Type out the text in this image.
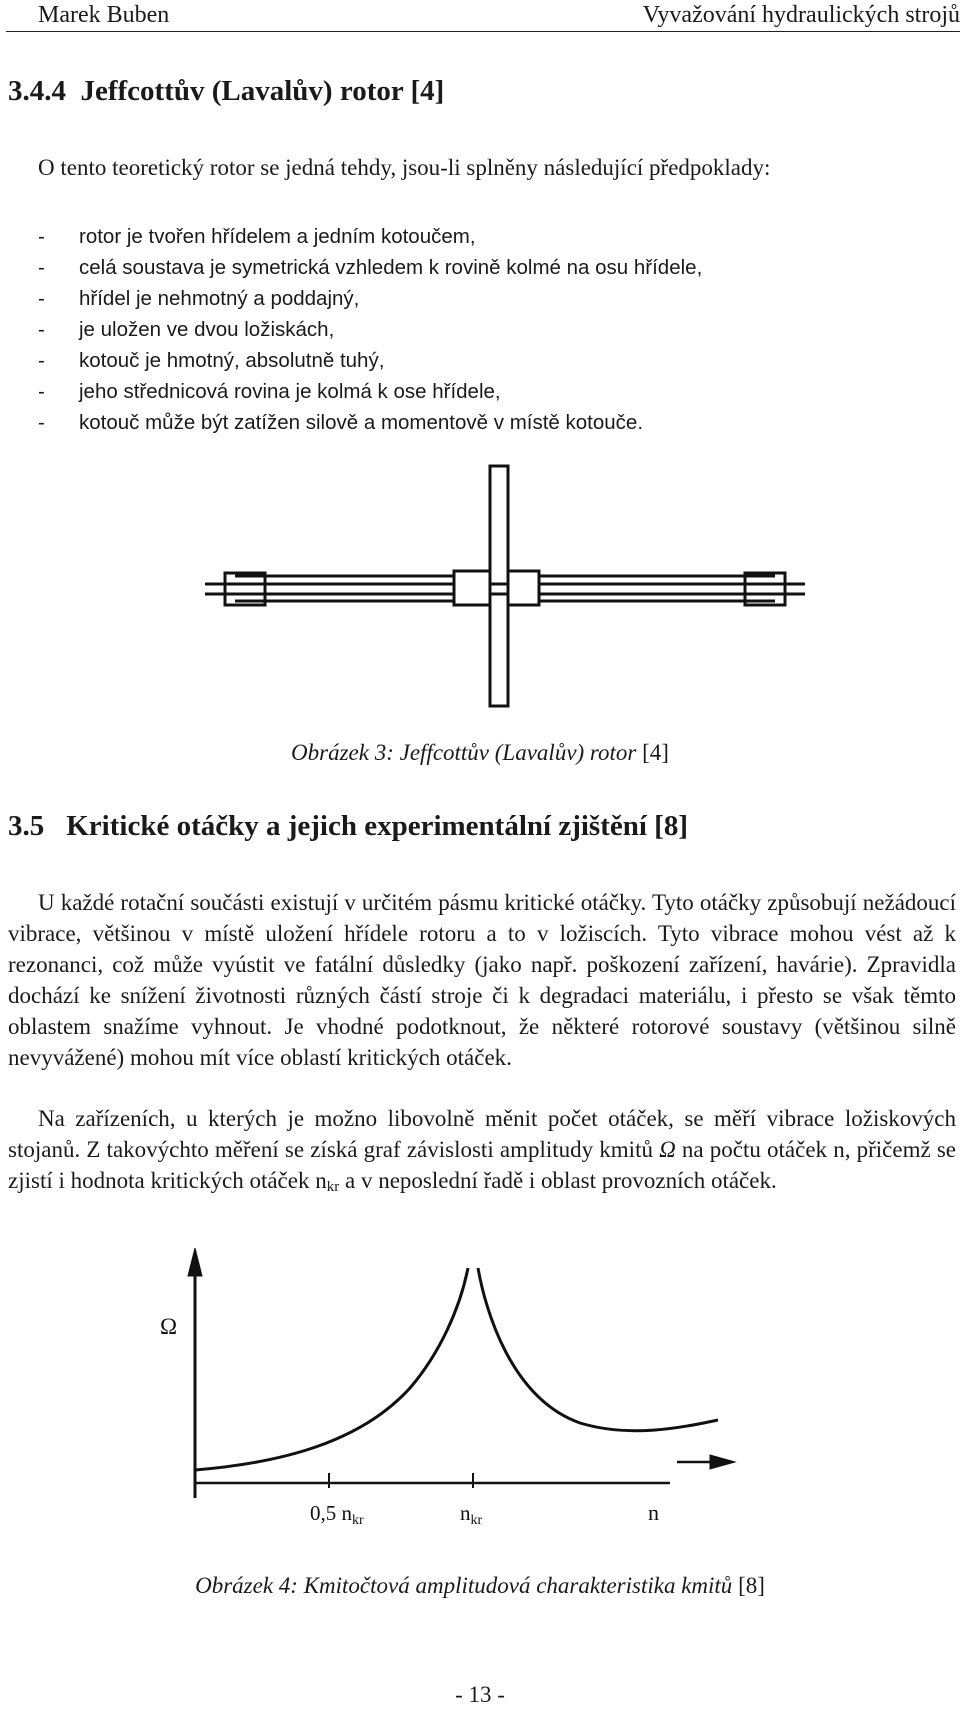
Marek Buben	Vyvažování hydraulických strojů
3.4.4 Jeffcottův (Lavalův) rotor [4]
O tento teoretický rotor se jedná tehdy, jsou-li splněny následující předpoklady:
- rotor je tvořen hřídelem a jedním kotoučem,
- celá soustava je symetrická vzhledem k rovině kolmé na osu hřídele,
- hřídel je nehmotný a poddajný,
- je uložen ve dvou ložiskách,
- kotouč je hmotný, absolutně tuhý,
- jeho střednicová rovina je kolmá k ose hřídele,
- kotouč může být zatížen silově a momentově v místě kotouče.
Obrázek 3: Jeffcottův (Lavalův) rotor [4]
3.5 Kritické otáčky a jejich experimentální zjištění [8]

U každé rotační součásti existují v určitém pásmu kritické otáčky. Tyto otáčky způsobují nežádoucí vibrace, většinou v místě uložení hřídele rotoru a to v ložiscích. Tyto vibrace mohou vést až k rezonanci, což může vyústit ve fatální důsledky (jako např. poškození zařízení, havárie). Zpravidla dochází ke snížení životnosti různých částí stroje či k degradaci materiálu, i přesto se však těmto oblastem snažíme vyhnout. Je vhodné podotknout, že některé rotorové soustavy (většinou silně nevyvážené) mohou mít více oblastí kritických otáček.

Na zařízeních, u kterých je možno libovolně měnit počet otáček, se měří vibrace ložiskových stojanů. Z takovýchto měření se získá graf závislosti amplitudy kmitů Ω na počtu otáček n, přičemž se zjistí i hodnota kritických otáček $n_{kr}$ a v neposlední řadě i oblast provozních otáček.

Ω
0,5 nkr	nkr	n
Obrázek 4: Kmitočtová amplitudová charakteristika kmitů [8]
- 13 -
